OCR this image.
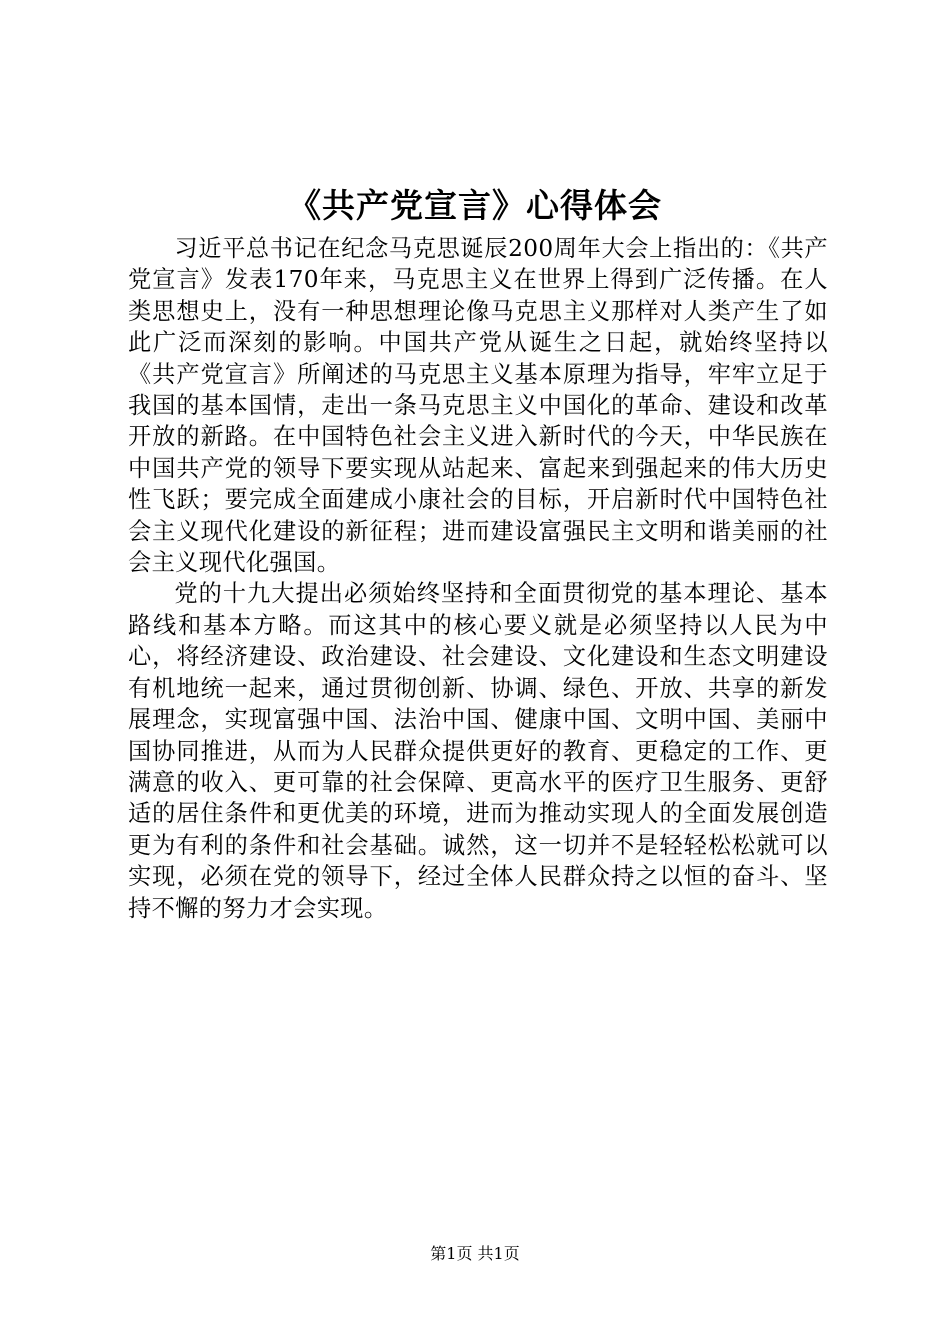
《共产党宣言》心得体会

习近平总书记在纪念马克思诞辰200周年大会上指出的：《共产党宣言》发表170年来，马克思主义在世界上得到广泛传播。在人类思想史上，没有一种思想理论像马克思主义那样对人类产生了如此广泛而深刻的影响。中国共产党从诞生之日起，就始终坚持以《共产党宣言》所阐述的马克思主义基本原理为指导，牢牢立足于我国的基本国情，走出一条马克思主义中国化的革命、建设和改革开放的新路。在中国特色社会主义进入新时代的今天，中华民族在中国共产党的领导下要实现从站起来、富起来到强起来的伟大历史性飞跃；要完成全面建成小康社会的目标，开启新时代中国特色社会主义现代化建设的新征程；进而建设富强民主文明和谐美丽的社会主义现代化强国。

党的十九大提出必须始终坚持和全面贯彻党的基本理论、基本路线和基本方略。而这其中的核心要义就是必须坚持以人民为中心，将经济建设、政治建设、社会建设、文化建设和生态文明建设有机地统一起来，通过贯彻创新、协调、绿色、开放、共享的新发展理念，实现富强中国、法治中国、健康中国、文明中国、美丽中国协同推进，从而为人民群众提供更好的教育、更稳定的工作、更满意的收入、更可靠的社会保障、更高水平的医疗卫生服务、更舒适的居住条件和更优美的环境，进而为推动实现人的全面发展创造更为有利的条件和社会基础。诚然，这一切并不是轻轻松松就可以实现，必须在党的领导下，经过全体人民群众持之以恒的奋斗、坚持不懈的努力才会实现。

第1页 共1页
